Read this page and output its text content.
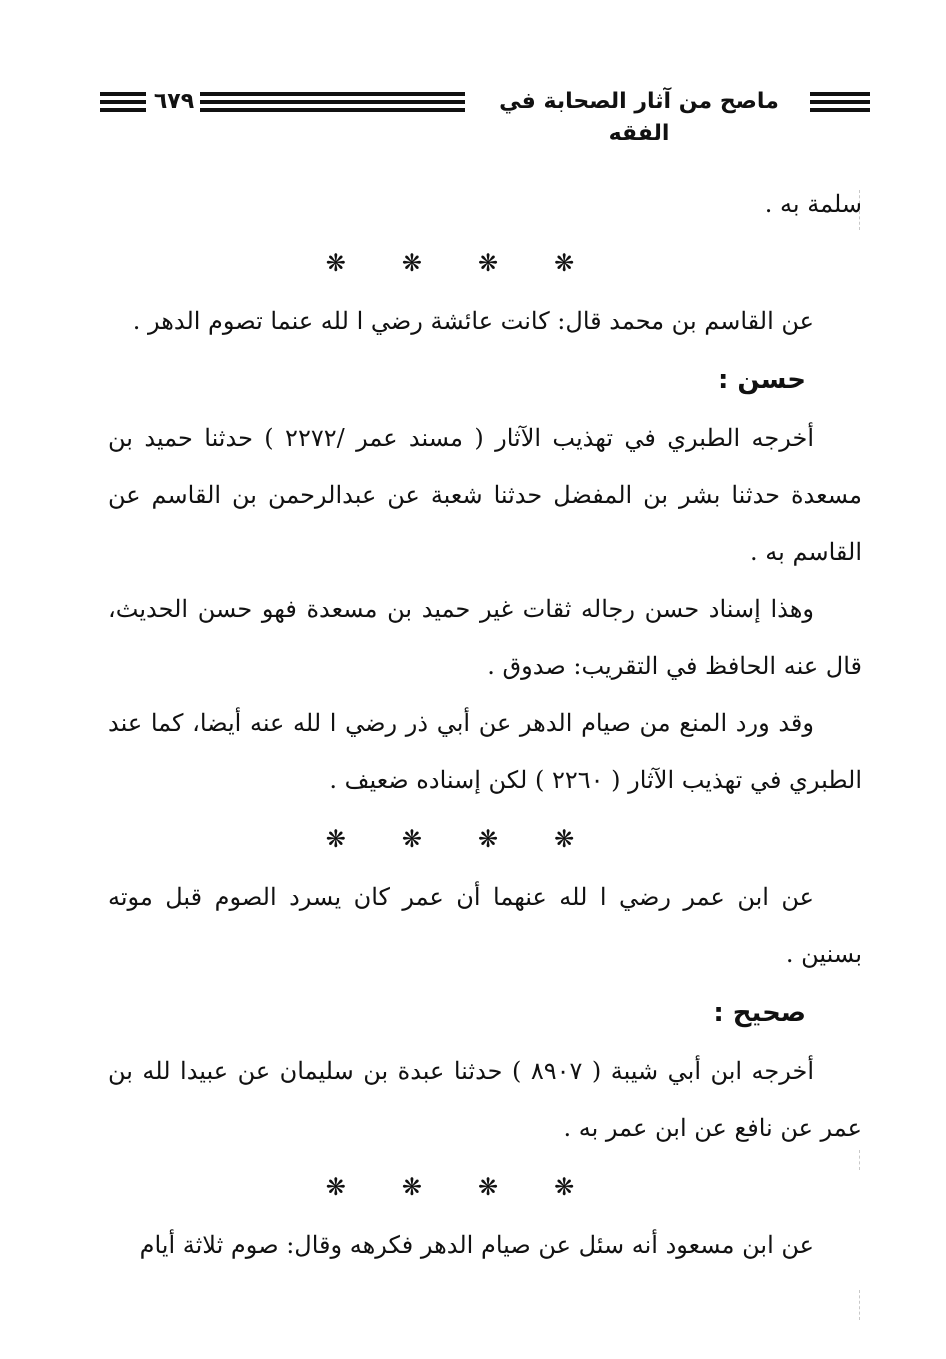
٦٧٩	ماصح من آثار الصحابة في الفقه

سلمة به .

❋ ❋ ❋ ❋

عن القاسم بن محمد قال: كانت عائشة رضي ا لله عنما تصوم الدهر .

حسن :

أخرجه الطبري في تهذيب الآثار ( مسند عمر /٢٢٧٢ ) حدثنا حميد بن مسعدة حدثنا بشر بن المفضل حدثنا شعبة عن عبدالرحمن بن القاسم عن القاسم به .

وهذا إسناد حسن رجاله ثقات غير حميد بن مسعدة فهو حسن الحديث، قال عنه الحافظ في التقريب: صدوق .

وقد ورد المنع من صيام الدهر عن أبي ذر رضي ا لله عنه أيضا، كما عند الطبري في تهذيب الآثار ( ٢٢٦٠ ) لكن إسناده ضعيف .

❋ ❋ ❋ ❋

عن ابن عمر رضي ا لله عنهما أن عمر كان يسرد الصوم قبل موته بسنين .

صحيح :

أخرجه ابن أبي شيبة ( ٨٩٠٧ ) حدثنا عبدة بن سليمان عن عبيدا لله بن عمر عن نافع عن ابن عمر به .

❋ ❋ ❋ ❋

عن ابن مسعود أنه سئل عن صيام الدهر فكرهه وقال: صوم ثلاثة أيام
